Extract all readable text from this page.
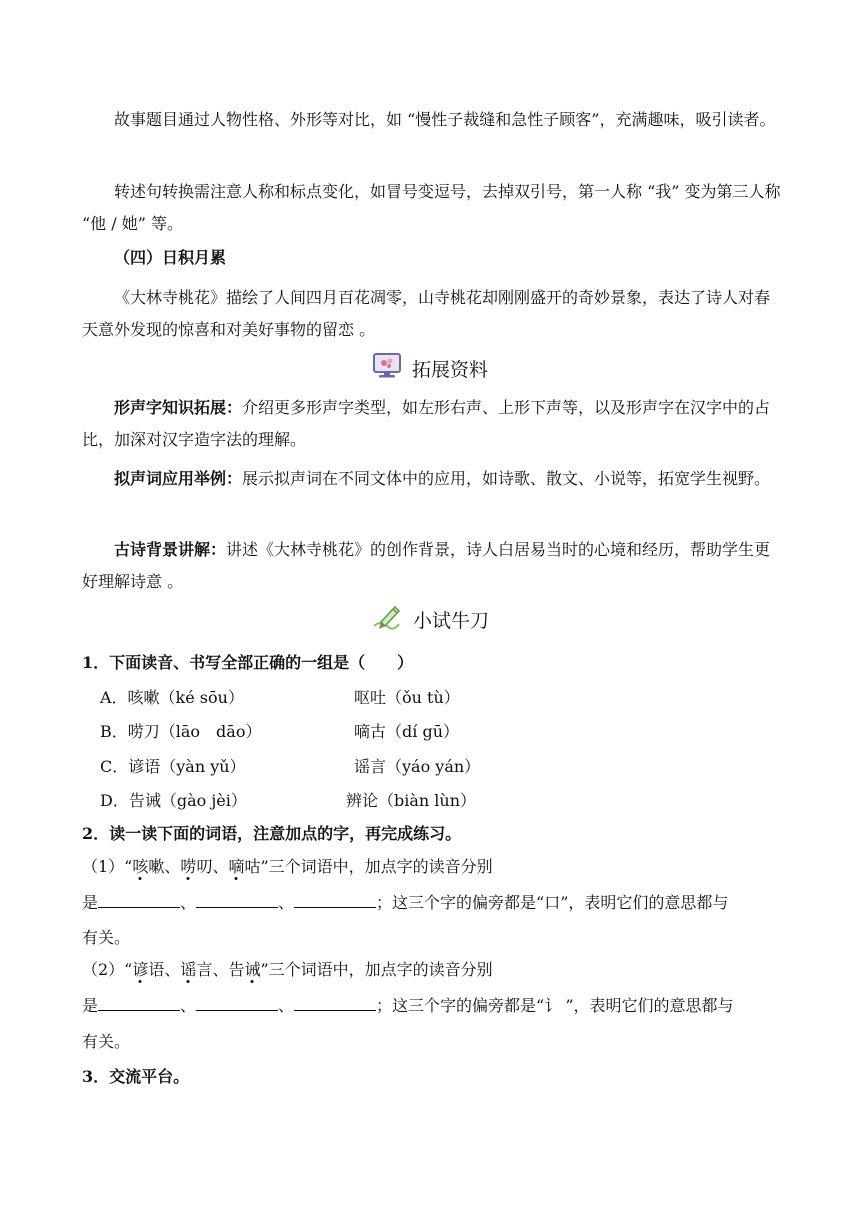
故事题目通过人物性格、外形等对比，如 “慢性子裁缝和急性子顾客”，充满趣味，吸引读者。
转述句转换需注意人称和标点变化，如冒号变逗号，去掉双引号，第一人称 “我” 变为第三人称 “他 / 她” 等。
（四）日积月累
《大林寺桃花》描绘了人间四月百花凋零，山寺桃花却刚刚盛开的奇妙景象，表达了诗人对春天意外发现的惊喜和对美好事物的留恋 。
拓展资料
形声字知识拓展：介绍更多形声字类型，如左形右声、上形下声等，以及形声字在汉字中的占比，加深对汉字造字法的理解。
拟声词应用举例：展示拟声词在不同文体中的应用，如诗歌、散文、小说等，拓宽学生视野。
古诗背景讲解：讲述《大林寺桃花》的创作背景，诗人白居易当时的心境和经历，帮助学生更好理解诗意 。
小试牛刀
1．下面读音、书写全部正确的一组是（　　）
A．咳嗽（ké sōu）	呕吐（ǒu tù）
B．唠刀（lāo　dāo）	嘀古（dí gū）
C．谚语（yàn yǔ）	谣言（yáo yán）
D．告诫（gào jèi）	辨论（biàn lùn）
2．读一读下面的词语，注意加点的字，再完成练习。
（1）“咳嗽、唠叨、嘀咕”三个词语中，加点字的读音分别
是	、	、	；这三个字的偏旁都是“口”，表明它们的意思都与
有关。
（2）“谚语、谣言、告诫”三个词语中，加点字的读音分别
是	、	、	；这三个字的偏旁都是“讠 ”，表明它们的意思都与
有关。
3．交流平台。
